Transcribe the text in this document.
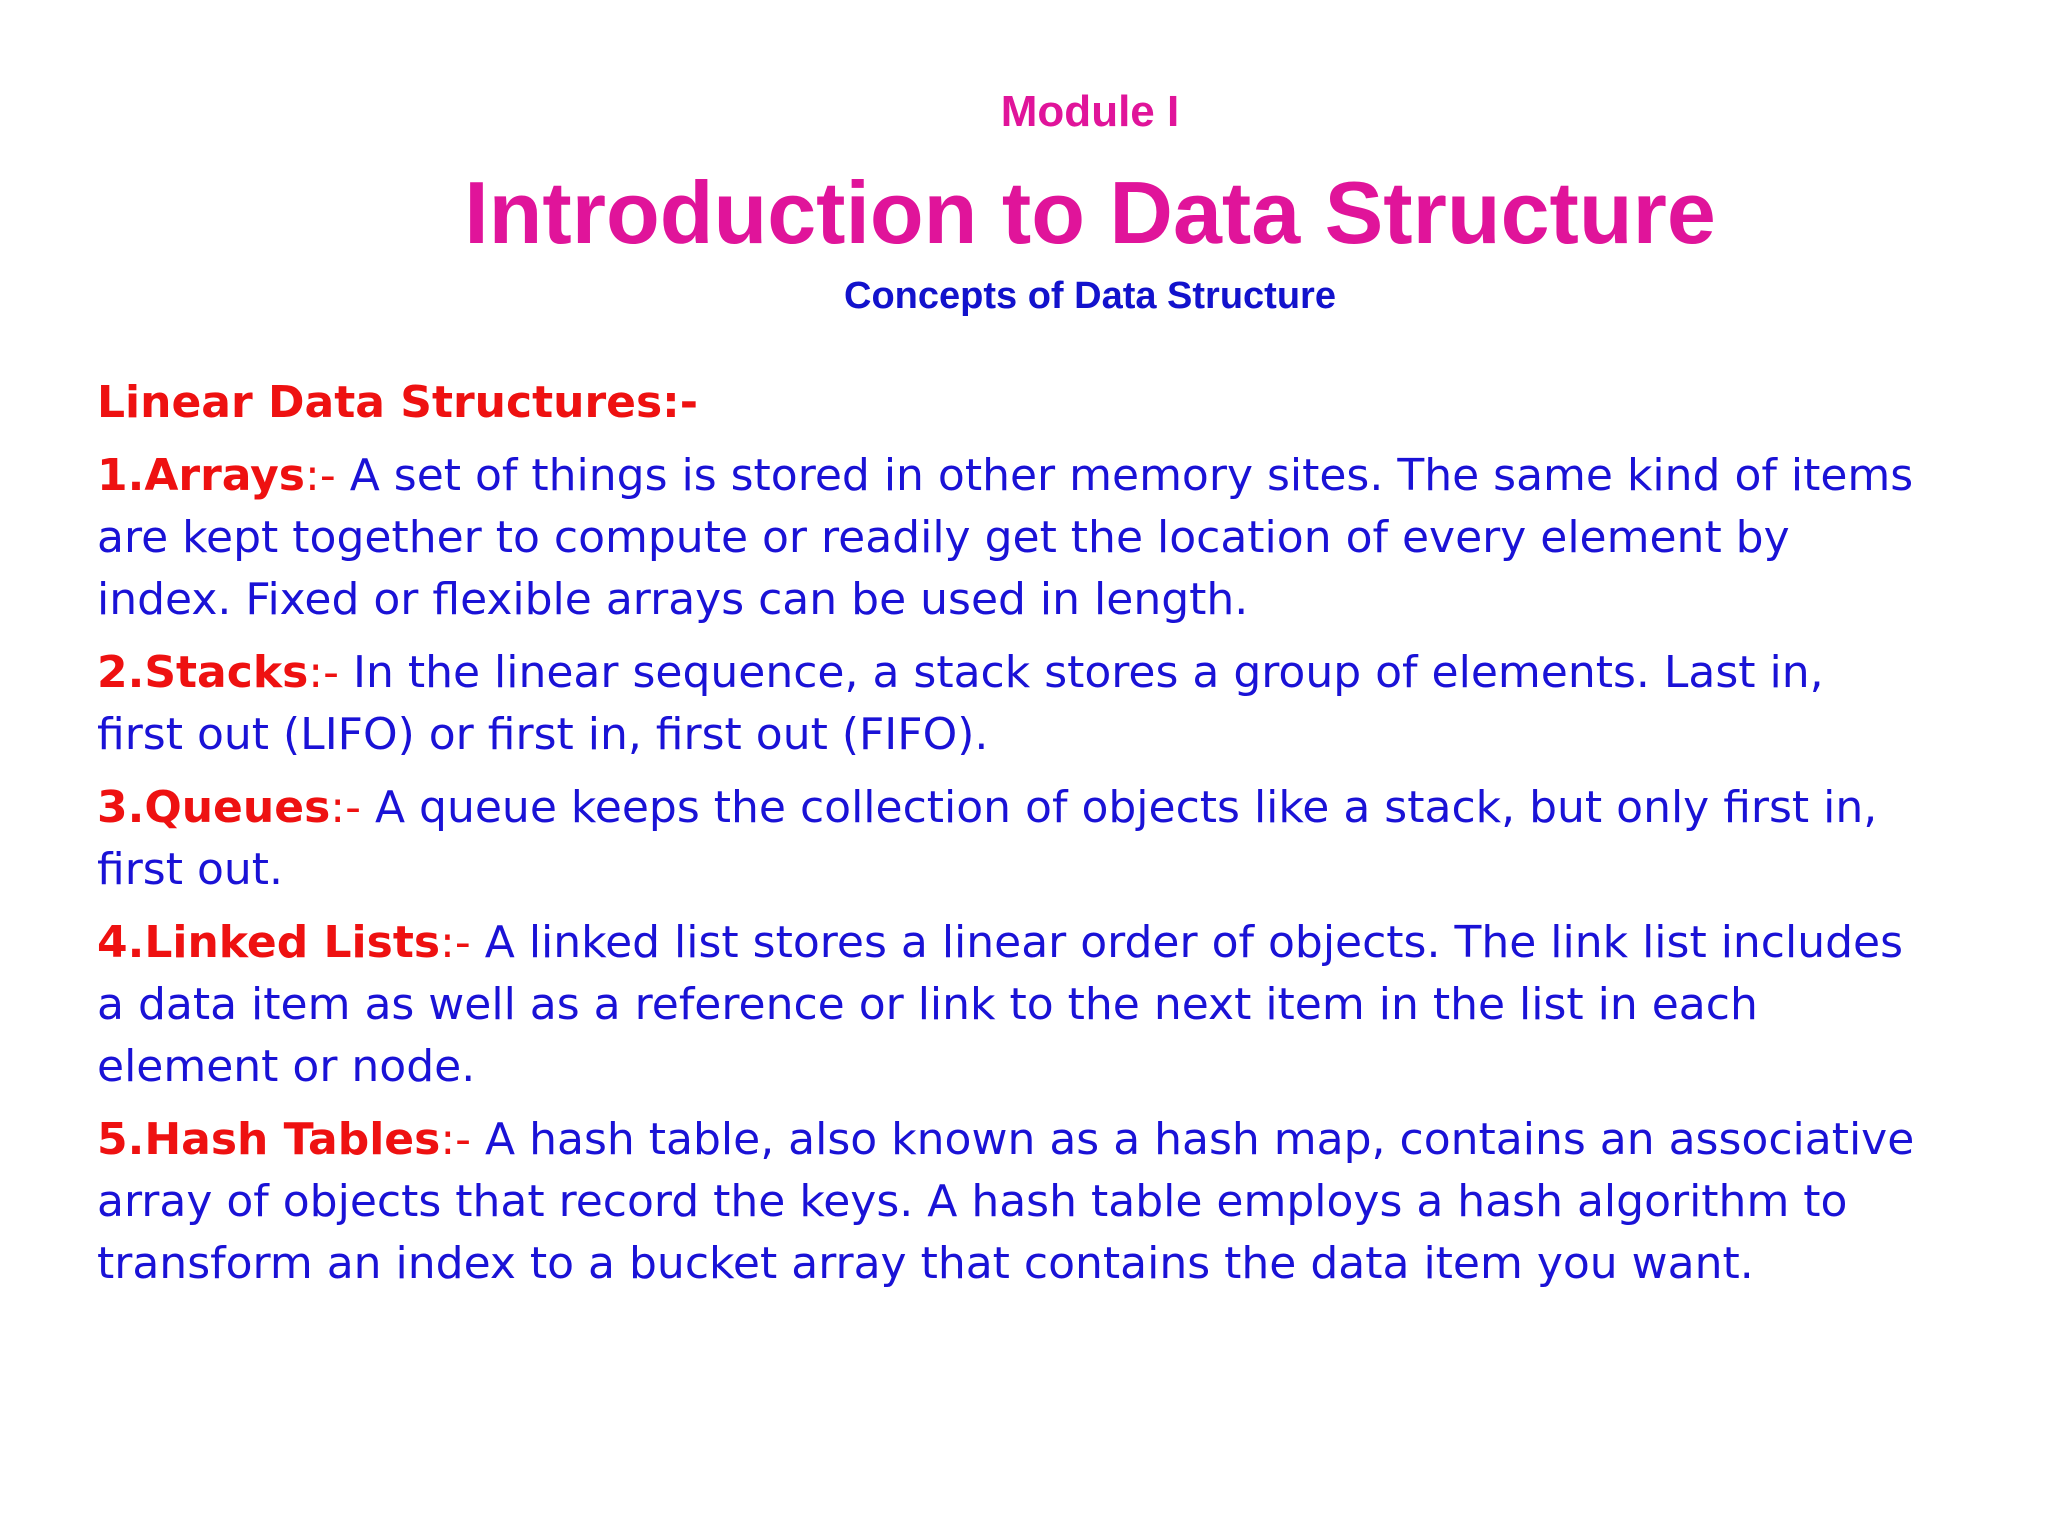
Module I
Introduction to Data Structure
Concepts of Data Structure
Linear Data Structures:-
1.Arrays:- A set of things is stored in other memory sites. The same kind of items are kept together to compute or readily get the location of every element by index. Fixed or flexible arrays can be used in length.
2.Stacks:- In the linear sequence, a stack stores a group of elements. Last in, first out (LIFO) or first in, first out (FIFO).
3.Queues:- A queue keeps the collection of objects like a stack, but only first in, first out.
4.Linked Lists:- A linked list stores a linear order of objects. The link list includes a data item as well as a reference or link to the next item in the list in each element or node.
5.Hash Tables:- A hash table, also known as a hash map, contains an associative array of objects that record the keys. A hash table employs a hash algorithm to transform an index to a bucket array that contains the data item you want.
